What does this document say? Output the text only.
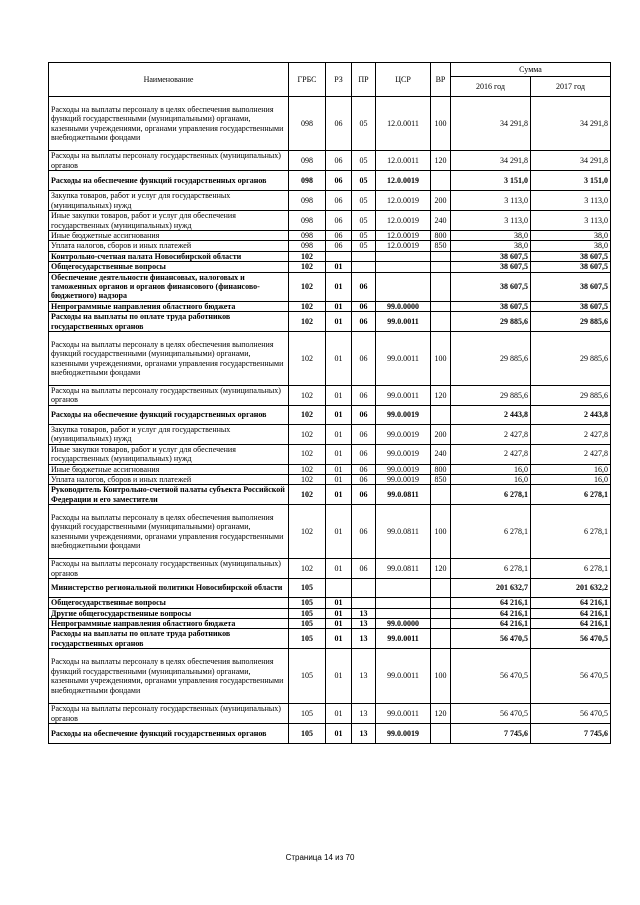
Наименование	ГРБС	РЗ	ПР	ЦСР	ВР	Сумма	
						2016 год	2017 год
Расходы на выплаты персоналу в целях обеспечения выполнения функций государственными (муниципальными) органами, казенными учреждениями, органами управления государственными внебюджетными фондами	098	06	05	12.0.0011	100	34 291,8	34 291,8
Расходы на выплаты персоналу государственных (муниципальных) органов	098	06	05	12.0.0011	120	34 291,8	34 291,8
Расходы на обеспечение функций государственных органов	098	06	05	12.0.0019		3 151,0	3 151,0
Закупка товаров, работ и услуг для государственных (муниципальных) нужд	098	06	05	12.0.0019	200	3 113,0	3 113,0
Иные закупки товаров, работ и услуг для обеспечения государственных (муниципальных) нужд	098	06	05	12.0.0019	240	3 113,0	3 113,0
Иные бюджетные ассигнования	098	06	05	12.0.0019	800	38,0	38,0
Уплата налогов, сборов и иных платежей	098	06	05	12.0.0019	850	38,0	38,0
Контрольно-счетная палата Новосибирской области	102					38 607,5	38 607,5
Общегосударственные вопросы	102	01				38 607,5	38 607,5
Обеспечение деятельности финансовых, налоговых и таможенных органов и органов финансового (финансово-бюджетного) надзора	102	01	06			38 607,5	38 607,5
Непрограммные направления областного бюджета	102	01	06	99.0.0000		38 607,5	38 607,5
Расходы на выплаты по оплате труда работников государственных органов	102	01	06	99.0.0011		29 885,6	29 885,6
Расходы на выплаты персоналу в целях обеспечения выполнения функций государственными (муниципальными) органами, казенными учреждениями, органами управления государственными внебюджетными фондами	102	01	06	99.0.0011	100	29 885,6	29 885,6
Расходы на выплаты персоналу государственных (муниципальных) органов	102	01	06	99.0.0011	120	29 885,6	29 885,6
Расходы на обеспечение функций государственных органов	102	01	06	99.0.0019		2 443,8	2 443,8
Закупка товаров, работ и услуг для государственных (муниципальных) нужд	102	01	06	99.0.0019	200	2 427,8	2 427,8
Иные закупки товаров, работ и услуг для обеспечения государственных (муниципальных) нужд	102	01	06	99.0.0019	240	2 427,8	2 427,8
Иные бюджетные ассигнования	102	01	06	99.0.0019	800	16,0	16,0
Уплата налогов, сборов и иных платежей	102	01	06	99.0.0019	850	16,0	16,0
Руководитель Контрольно-счетной палаты субъекта Российской Федерации и его заместители	102	01	06	99.0.0811		6 278,1	6 278,1
Расходы на выплаты персоналу в целях обеспечения выполнения функций государственными (муниципальными) органами, казенными учреждениями, органами управления государственными внебюджетными фондами	102	01	06	99.0.0811	100	6 278,1	6 278,1
Расходы на выплаты персоналу государственных (муниципальных) органов	102	01	06	99.0.0811	120	6 278,1	6 278,1
Министерство региональной политики Новосибирской области	105					201 632,7	201 632,2
Общегосударственные вопросы	105	01				64 216,1	64 216,1
Другие общегосударственные вопросы	105	01	13			64 216,1	64 216,1
Непрограммные направления областного бюджета	105	01	13	99.0.0000		64 216,1	64 216,1
Расходы на выплаты по оплате труда работников государственных органов	105	01	13	99.0.0011		56 470,5	56 470,5
Расходы на выплаты персоналу в целях обеспечения выполнения функций государственными (муниципальными) органами, казенными учреждениями, органами управления государственными внебюджетными фондами	105	01	13	99.0.0011	100	56 470,5	56 470,5
Расходы на выплаты персоналу государственных (муниципальных) органов	105	01	13	99.0.0011	120	56 470,5	56 470,5
Расходы на обеспечение функций государственных органов	105	01	13	99.0.0019		7 745,6	7 745,6
Страница 14 из 70
